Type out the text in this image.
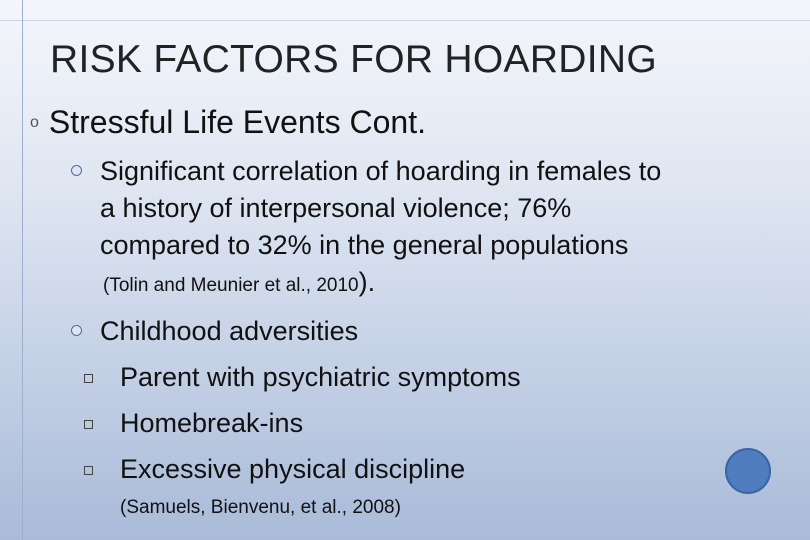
RISK FACTORS FOR HOARDING
o Stressful Life Events Cont.
Significant correlation of hoarding in females to
a history of interpersonal violence; 76%
compared to 32% in the general populations
(Tolin and Meunier et al., 2010).
Childhood adversities
Parent with psychiatric symptoms
Homebreak-ins
Excessive physical discipline
(Samuels, Bienvenu, et al., 2008)
